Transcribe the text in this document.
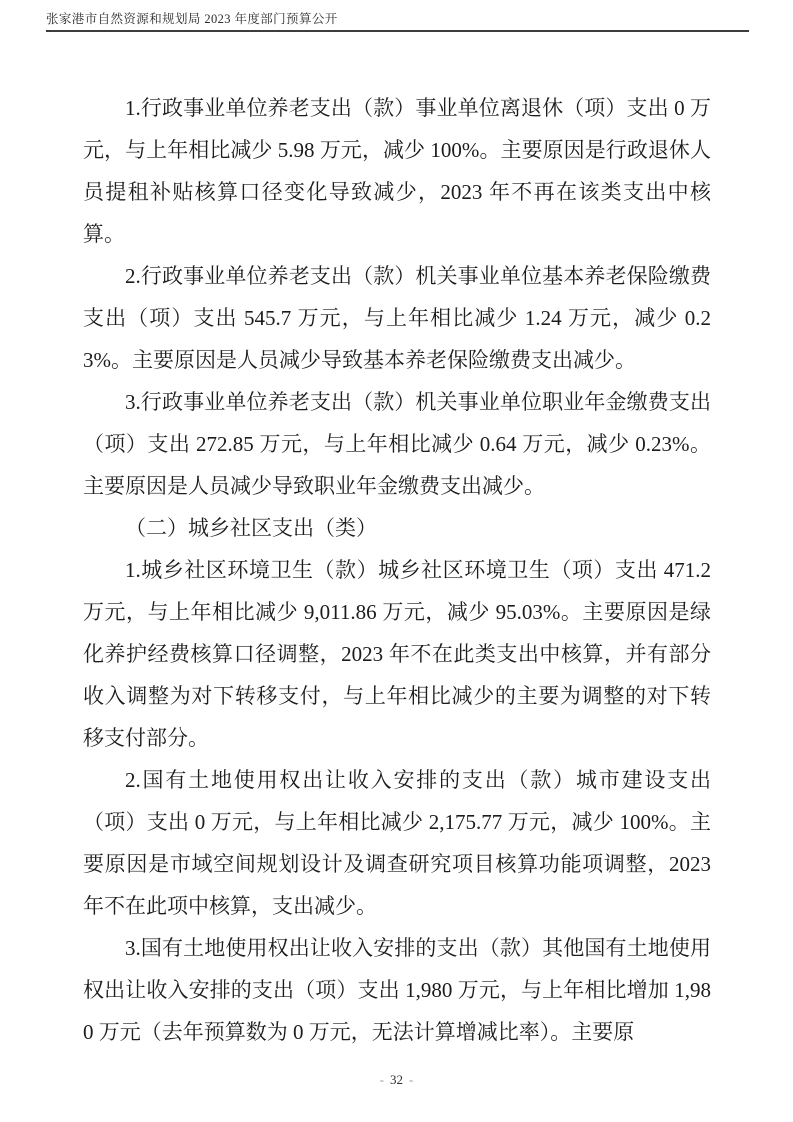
张家港市自然资源和规划局 2023 年度部门预算公开

1.行政事业单位养老支出（款）事业单位离退休（项）支出 0 万元，与上年相比减少 5.98 万元，减少 100%。主要原因是行政退休人员提租补贴核算口径变化导致减少，2023 年不再在该类支出中核算。

2.行政事业单位养老支出（款）机关事业单位基本养老保险缴费支出（项）支出 545.7 万元，与上年相比减少 1.24 万元，减少 0.23%。主要原因是人员减少导致基本养老保险缴费支出减少。

3.行政事业单位养老支出（款）机关事业单位职业年金缴费支出（项）支出 272.85 万元，与上年相比减少 0.64 万元，减少 0.23%。主要原因是人员减少导致职业年金缴费支出减少。

（二）城乡社区支出（类）

1.城乡社区环境卫生（款）城乡社区环境卫生（项）支出 471.2 万元，与上年相比减少 9,011.86 万元，减少 95.03%。主要原因是绿化养护经费核算口径调整，2023 年不在此类支出中核算，并有部分收入调整为对下转移支付，与上年相比减少的主要为调整的对下转移支付部分。

2.国有土地使用权出让收入安排的支出（款）城市建设支出（项）支出 0 万元，与上年相比减少 2,175.77 万元，减少 100%。主要原因是市域空间规划设计及调查研究项目核算功能项调整，2023 年不在此项中核算，支出减少。

3.国有土地使用权出让收入安排的支出（款）其他国有土地使用权出让收入安排的支出（项）支出 1,980 万元，与上年相比增加 1,980 万元（去年预算数为 0 万元，无法计算增减比率）。主要原

- 32 -
